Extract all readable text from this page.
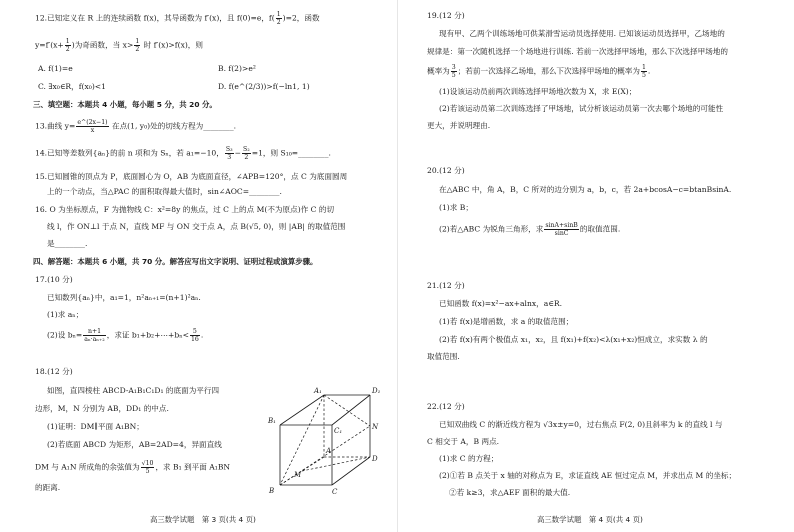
12.已知定义在 R 上的连续函数 f(x)，其导函数为 f′(x)，且 f(0)=e，$f( \frac{1}{2} )=2$，函数
$y=f'(x+ \frac{1}{2}$ )为奇函数，当 $x> \frac{1}{2}$ 时 f′(x)>f(x)，则
A. f(1)=e	B. f(2)>e²
C. ∃x₀∈R，f(x₀)<1	D. f(e^(2/3))>f(−ln1, 1)
三、填空题：本题共 4 小题，每小题 5 分，共 20 分。
13.曲线 $y= \frac{e\^{}(2x-1)}{x}$ 在点(1, y₀)处的切线方程为________.
14.已知等差数列{aₙ}的前 n 项和为 Sₙ，若 a₁=−10， $\frac{\text{S₃}}{3} - \frac{\text{S₂}}{2} =1$，则 S₁₀=________.
15.已知圆锥的顶点为 P，底面圆心为 O，AB 为底面直径，∠APB=120°，点 C 为底面圆周
上的一个动点，当△PAC 的面积取得最大值时，sin∠AOC=________.
16. O 为坐标原点，F 为抛物线 C：x²=8y 的焦点，过 C 上的点 M(不为原点)作 C 的切
线 l，作 ON⊥l 于点 N，直线 MF 与 ON 交于点 A，点 B(√5, 0)，则 |AB| 的取值范围
是________.
四、解答题：本题共 6 小题，共 70 分。解答应写出文字说明、证明过程或演算步骤。
17.(10 分)
已知数列{aₙ}中，a₁=1，n²aₙ₊₁=(n+1)²aₙ.
(1)求 aₙ；
(2)设 $b_n= \frac{n+1}{\text{aₙ·aₙ₊₂}}$ ，求证 b₁+b₂+⋯+bₙ< $\frac{5}{16}$ .
18.(12 分)
如图，直四棱柱 ABCD-A₁B₁C₁D₁ 的底面为平行四
边形，M，N 分别为 AB，DD₁ 的中点.
(1)证明：DM∥平面 A₁BN；
(2)若底面 ABCD 为矩形，AB=2AD=4，异面直线
DM 与 A₁N 所成角的余弦值为 $\frac{√10}{5}$ ，求 B₁ 到平面 A₁BN
的距离.
A₁	D₁
B₁
C₁	N
D
A
B	C
M
高三数学试题　第 3 页(共 4 页)
19.(12 分)
现有甲、乙两个训练场地可供某滑雪运动员选择使用. 已知该运动员选择甲，乙场地的
规律是：第一次随机选择一个场地进行训练. 若前一次选择甲场地，那么下次选择甲场地的
概率为 $\frac{3}{5}$ ；若前一次选择乙场地，那么下次选择甲场地的概率为 $\frac{1}{5}$ .
(1)设该运动员前两次训练选择甲场地次数为 X，求 E(X)；
(2)若该运动员第二次训练选择了甲场地，试分析该运动员第一次去哪个场地的可能性
更大，并说明理由.
20.(12 分)
在△ABC 中，角 A，B，C 所对的边分别为 a，b，c，若 2a+bcosA−c=btanBsinA.
(1)求 B；
(2)若△ABC 为锐角三角形，求 $\frac{\sin A+\sin B}{\sin C}$ 的取值范围.
21.(12 分)
已知函数 f(x)=x²−ax+alnx，a∈R.
(1)若 f(x)是增函数，求 a 的取值范围；
(2)若 f(x)有两个极值点 x₁，x₂，且 f(x₁)+f(x₂)<λ(x₁+x₂)恒成立，求实数 λ 的
取值范围.
22.(12 分)
已知双曲线 C 的渐近线方程为 √3x±y=0，过右焦点 F(2, 0)且斜率为 k 的直线 l 与
C 相交于 A，B 两点.
(1)求 C 的方程；
(2)①若 B 点关于 x 轴的对称点为 E，求证直线 AE 恒过定点 M，并求出点 M 的坐标；
②若 k≥3，求△AEF 面积的最大值.
高三数学试题　第 4 页(共 4 页)
